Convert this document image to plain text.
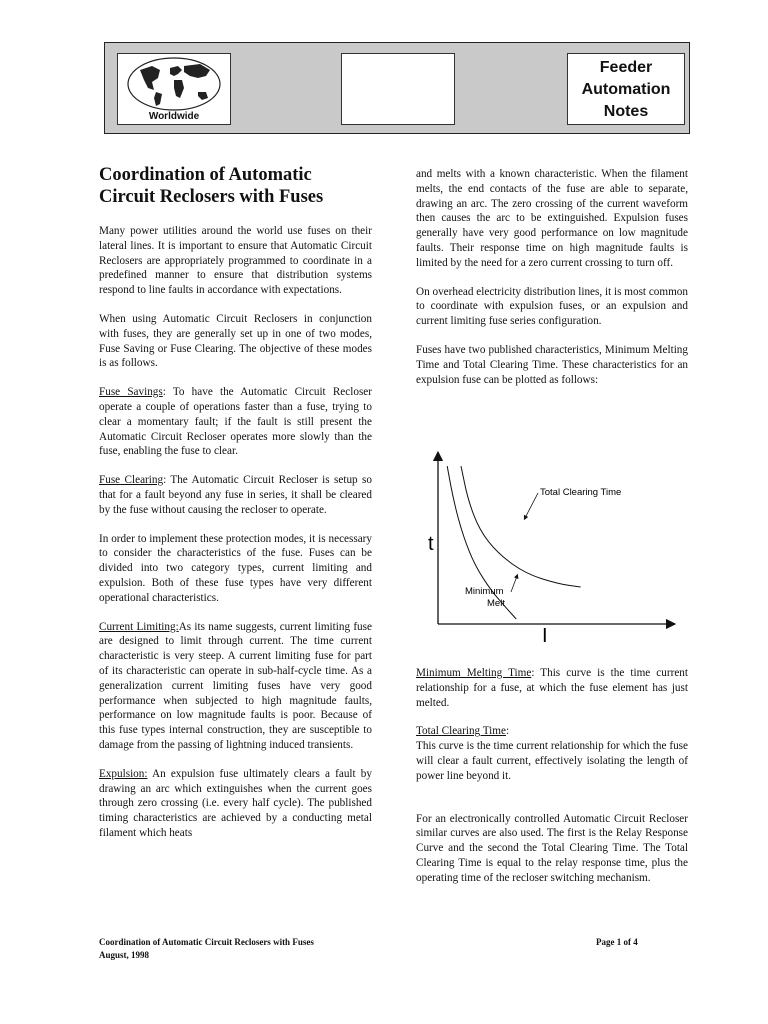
Worldwide
Feeder
Automation
Notes
Coordination of Automatic
Circuit Reclosers with Fuses

Many power utilities around the world use fuses on their lateral lines. It is important to ensure that Automatic Circuit Reclosers are appropriately programmed to coordinate in a predefined manner to ensure that distribution systems respond to line faults in accordance with expectations.

When using Automatic Circuit Reclosers in conjunction with fuses, they are generally set up in one of two modes, Fuse Saving or Fuse Clearing. The objective of these modes is as follows.

Fuse Savings: To have the Automatic Circuit Recloser operate a couple of operations faster than a fuse, trying to clear a momentary fault; if the fault is still present the Automatic Circuit Recloser operates more slowly than the fuse, enabling the fuse to clear.

Fuse Clearing: The Automatic Circuit Recloser is setup so that for a fault beyond any fuse in series, it shall be cleared by the fuse without causing the recloser to operate.

In order to implement these protection modes, it is necessary to consider the characteristics of the fuse. Fuses can be divided into two category types, current limiting and expulsion. Both of these fuse types have very different operational characteristics.

Current Limiting:As its name suggests, current limiting fuse are designed to limit through current. The time current characteristic is very steep. A current limiting fuse for part of its characteristic can operate in sub-half-cycle time. As a generalization current limiting fuses have very good performance when subjected to high magnitude faults, performance on low magnitude faults is poor. Because of this fuse types internal construction, they are susceptible to damage from the passing of lightning induced transients.

Expulsion: An expulsion fuse ultimately clears a fault by drawing an arc which extinguishes when the current goes through zero crossing (i.e. every half cycle). The published timing characteristics are achieved by a conducting metal filament which heats

and melts with a known characteristic. When the filament melts, the end contacts of the fuse are able to separate, drawing an arc. The zero crossing of the current waveform then causes the arc to be extinguished. Expulsion fuses generally have very good performance on low magnitude faults. Their response time on high magnitude faults is limited by the need for a zero current crossing to turn off.

On overhead electricity distribution lines, it is most common to coordinate with expulsion fuses, or an expulsion and current limiting fuse series configuration.

Fuses have two published characteristics, Minimum Melting Time and Total Clearing Time. These characteristics for an expulsion fuse can be plotted as follows:

t
I
Total Clearing Time
Minimum
Melt

Minimum Melting Time: This curve is the time current relationship for a fuse, at which the fuse element has just melted.

Total Clearing Time:
This curve is the time current relationship for which the fuse will clear a fault current, effectively isolating the length of power line beyond it.

For an electronically controlled Automatic Circuit Recloser similar curves are also used. The first is the Relay Response Curve and the second the Total Clearing Time. The Total Clearing Time is equal to the relay response time, plus the operating time of the recloser switching mechanism.

Coordination of Automatic Circuit Reclosers with Fuses
August, 1998
Page 1 of 4
